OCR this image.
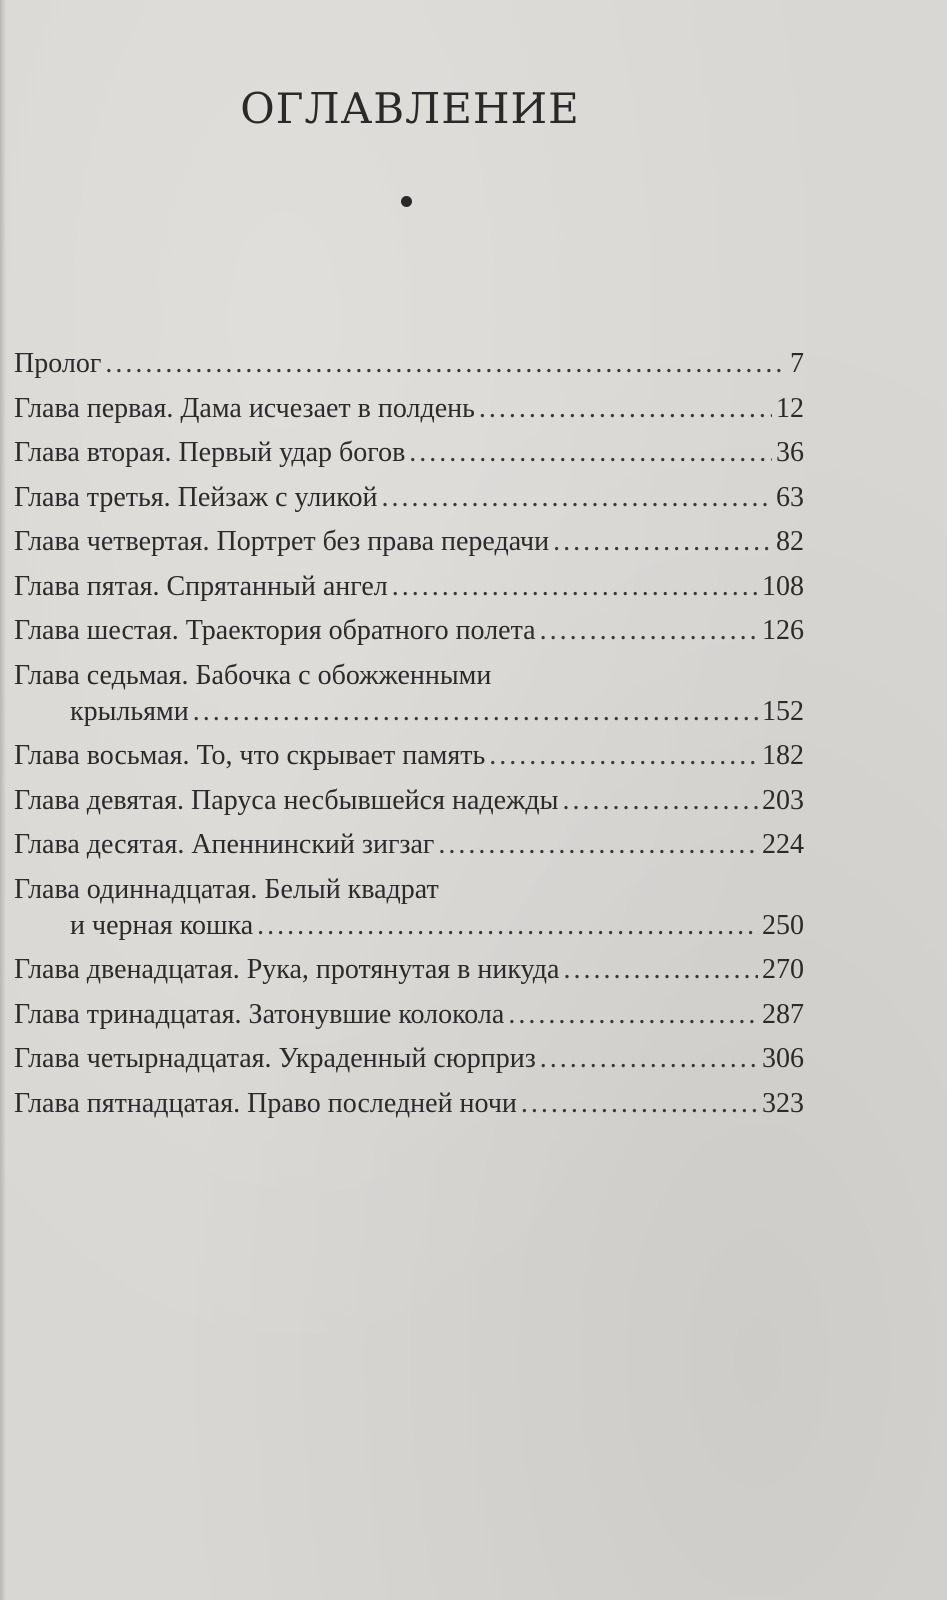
ОГЛАВЛЕНИЕ
Пролог .....	7
Глава первая. Дама исчезает в полдень .....	12
Глава вторая. Первый удар богов .....	36
Глава третья. Пейзаж с уликой .....	63
Глава четвертая. Портрет без права передачи .....	82
Глава пятая. Спрятанный ангел .....	108
Глава шестая. Траектория обратного полета .....	126
Глава седьмая. Бабочка с обожженными
крыльями .....	152
Глава восьмая. То, что скрывает память .....	182
Глава девятая. Паруса несбывшейся надежды .....	203
Глава десятая. Апеннинский зигзаг .....	224
Глава одиннадцатая. Белый квадрат
и черная кошка .....	250
Глава двенадцатая. Рука, протянутая в никуда .....	270
Глава тринадцатая. Затонувшие колокола .....	287
Глава четырнадцатая. Украденный сюрприз .....	306
Глава пятнадцатая. Право последней ночи .....	323
